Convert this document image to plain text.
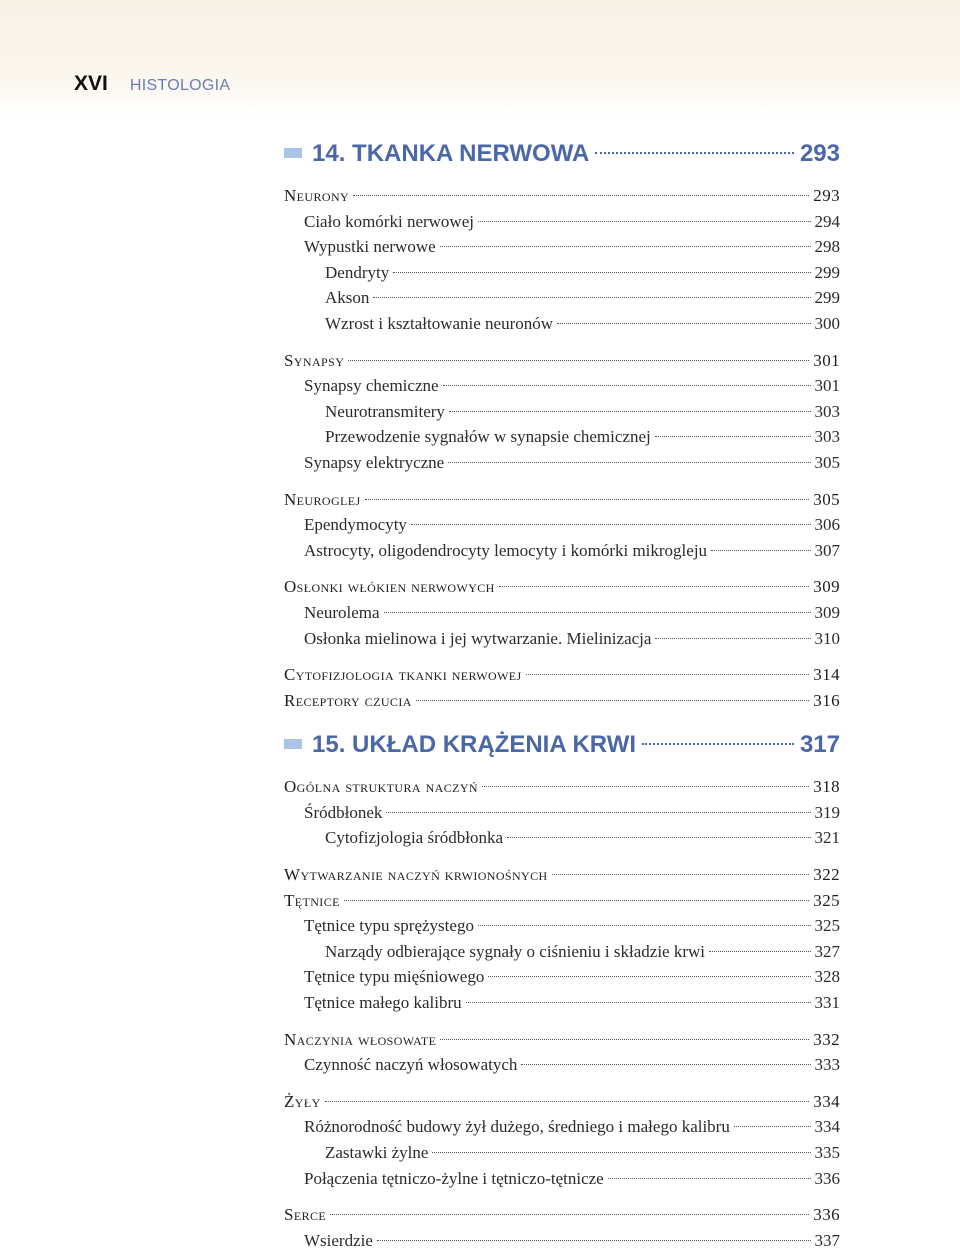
XVI HISTOLOGIA
14. TKANKA NERWOWA	293
Neurony	293
Ciało komórki nerwowej	294
Wypustki nerwowe	298
Dendryty	299
Akson	299
Wzrost i kształtowanie neuronów	300
Synapsy	301
Synapsy chemiczne	301
Neurotransmitery	303
Przewodzenie sygnałów w synapsie chemicznej	303
Synapsy elektryczne	305
Neuroglej	305
Ependymocyty	306
Astrocyty, oligodendrocyty lemocyty i komórki mikrogleju	307
Osłonki włókien nerwowych	309
Neurolema	309
Osłonka mielinowa i jej wytwarzanie. Mielinizacja	310
Cytofizjologia tkanki nerwowej	314
Receptory czucia	316
15. UKŁAD KRĄŻENIA KRWI	317
Ogólna struktura naczyń	318
Śródbłonek	319
Cytofizjologia śródbłonka	321
Wytwarzanie naczyń krwionośnych	322
Tętnice	325
Tętnice typu sprężystego	325
Narządy odbierające sygnały o ciśnieniu i składzie krwi	327
Tętnice typu mięśniowego	328
Tętnice małego kalibru	331
Naczynia włosowate	332
Czynność naczyń włosowatych	333
Żyły	334
Różnorodność budowy żył dużego, średniego i małego kalibru	334
Zastawki żylne	335
Połączenia tętniczo-żylne i tętniczo-tętnicze	336
Serce	336
Wsierdzie	337
